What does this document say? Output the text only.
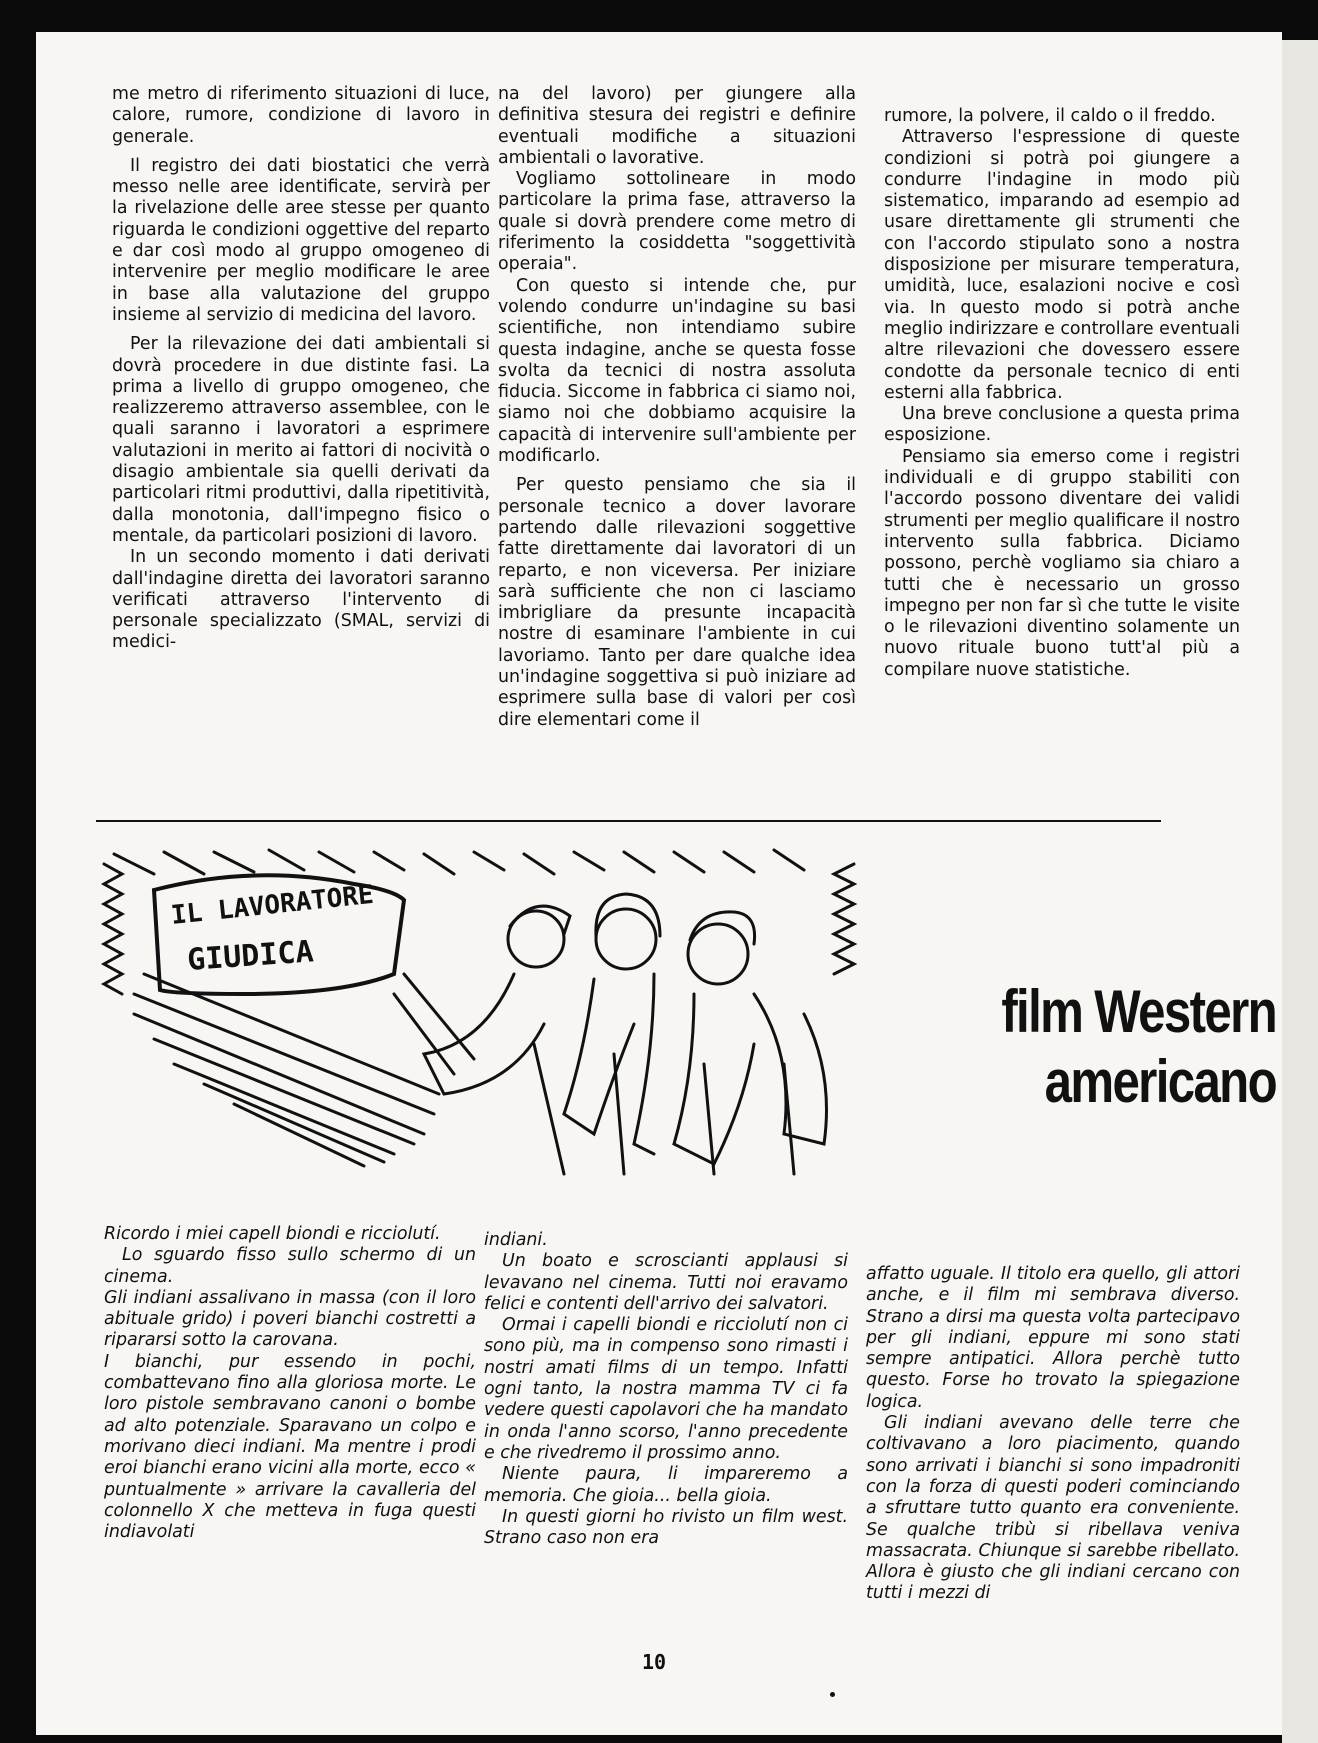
me metro di riferimento situazioni di luce, calore, rumore, condizione di lavoro in generale.

Il registro dei dati biostatici che verrà messo nelle aree identificate, servirà per la rivelazione delle aree stesse per quanto riguarda le condizioni oggettive del reparto e dar così modo al gruppo omogeneo di intervenire per meglio modificare le aree in base alla valutazione del gruppo insieme al servizio di medicina del lavoro.

Per la rilevazione dei dati ambientali si dovrà procedere in due distinte fasi. La prima a livello di gruppo omogeneo, che realizzeremo attraverso assemblee, con le quali saranno i lavoratori a esprimere valutazioni in merito ai fattori di nocività o disagio ambientale sia quelli derivati da particolari ritmi produttivi, dalla ripetitività, dalla monotonia, dall'impegno fisico o mentale, da particolari posizioni di lavoro.

In un secondo momento i dati derivati dall'indagine diretta dei lavoratori saranno verificati attraverso l'intervento di personale specializzato (SMAL, servizi di medici-

na del lavoro) per giungere alla definitiva stesura dei registri e definire eventuali modifiche a situazioni ambientali o lavorative.

Vogliamo sottolineare in modo particolare la prima fase, attraverso la quale si dovrà prendere come metro di riferimento la cosiddetta "soggettività operaia".

Con questo si intende che, pur volendo condurre un'indagine su basi scientifiche, non intendiamo subire questa indagine, anche se questa fosse svolta da tecnici di nostra assoluta fiducia. Siccome in fabbrica ci siamo noi, siamo noi che dobbiamo acquisire la capacità di intervenire sull'ambiente per modificarlo.

Per questo pensiamo che sia il personale tecnico a dover lavorare partendo dalle rilevazioni soggettive fatte direttamente dai lavoratori di un reparto, e non viceversa. Per iniziare sarà sufficiente che non ci lasciamo imbrigliare da presunte incapacità nostre di esaminare l'ambiente in cui lavoriamo. Tanto per dare qualche idea un'indagine soggettiva si può iniziare ad esprimere sulla base di valori per così dire elementari come il

rumore, la polvere, il caldo o il freddo.

Attraverso l'espressione di queste condizioni si potrà poi giungere a condurre l'indagine in modo più sistematico, imparando ad esempio ad usare direttamente gli strumenti che con l'accordo stipulato sono a nostra disposizione per misurare temperatura, umidità, luce, esalazioni nocive e così via. In questo modo si potrà anche meglio indirizzare e controllare eventuali altre rilevazioni che dovessero essere condotte da personale tecnico di enti esterni alla fabbrica.

Una breve conclusione a questa prima esposizione.

Pensiamo sia emerso come i registri individuali e di gruppo stabiliti con l'accordo possono diventare dei validi strumenti per meglio qualificare il nostro intervento sulla fabbrica. Diciamo possono, perchè vogliamo sia chiaro a tutti che è necessario un grosso impegno per non far sì che tutte le visite o le rilevazioni diventino solamente un nuovo rituale buono tutt'al più a compilare nuove statistiche.

IL LAVORATORE
GIUDICA
film Western
americano

Ricordo i miei capell biondi e ricciolutí.

Lo sguardo fisso sullo schermo di un cinema.

Gli indiani assalivano in massa (con il loro abituale grido) i poveri bianchi costretti a ripararsi sotto la carovana.

I bianchi, pur essendo in pochi, combattevano fino alla gloriosa morte. Le loro pistole sembravano canoni o bombe ad alto potenziale. Sparavano un colpo e morivano dieci indiani. Ma mentre i prodi eroi bianchi erano vicini alla morte, ecco « puntualmente » arrivare la cavalleria del colonnello X che metteva in fuga questi indiavolati

indiani.

Un boato e scroscianti applausi si levavano nel cinema. Tutti noi eravamo felici e contenti dell'arrivo dei salvatori.

Ormai i capelli biondi e ricciolutí non ci sono più, ma in compenso sono rimasti i nostri amati films di un tempo. Infatti ogni tanto, la nostra mamma TV ci fa vedere questi capolavori che ha mandato in onda l'anno scorso, l'anno precedente e che rivedremo il prossimo anno.

Niente paura, li impareremo a memoria. Che gioia... bella gioia.

In questi giorni ho rivisto un film west. Strano caso non era

affatto uguale. Il titolo era quello, gli attori anche, e il film mi sembrava diverso. Strano a dirsi ma questa volta partecipavo per gli indiani, eppure mi sono stati sempre antipatici. Allora perchè tutto questo. Forse ho trovato la spiegazione logica.

Gli indiani avevano delle terre che coltivavano a loro piacimento, quando sono arrivati i bianchi si sono impadroniti con la forza di questi poderi cominciando a sfruttare tutto quanto era conveniente. Se qualche tribù si ribellava veniva massacrata. Chiunque si sarebbe ribellato. Allora è giusto che gli indiani cercano con tutti i mezzi di

10
